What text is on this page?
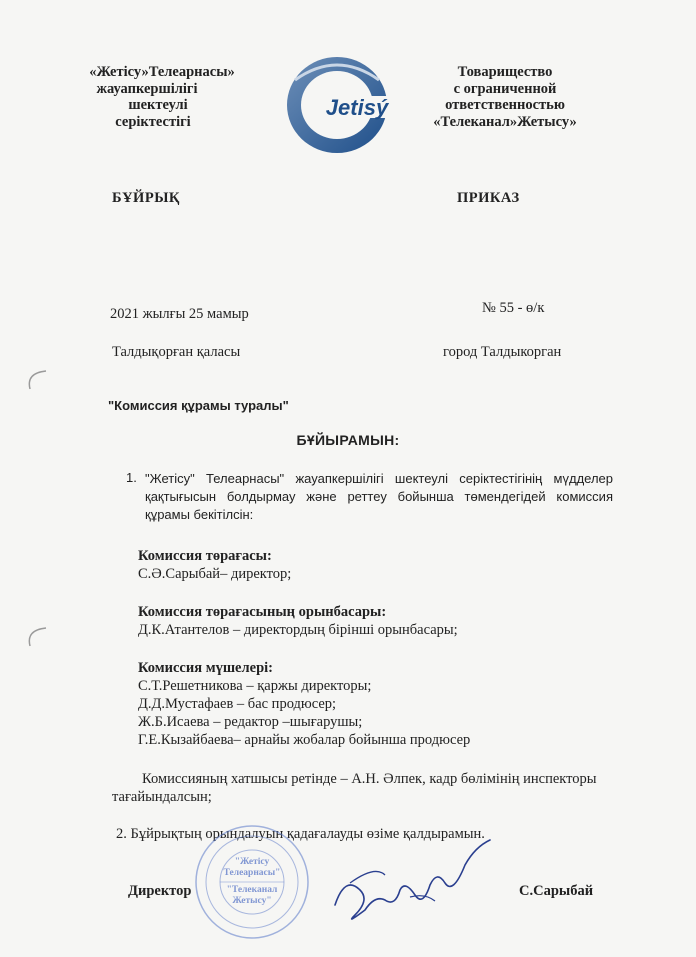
«Жетісу»Телеарнасы»
жауапкершілігі
шектеулі
серіктестігі
Jetisý
Товарищество
с ограниченной
ответственностью
«Телеканал»Жетысу»
БҰЙРЫҚ	ПРИКАЗ
2021 жылғы 25 мамыр	№ 55 - ө/к
Талдықорған қаласы	город Талдыкорган
"Комиссия құрамы туралы"
БҰЙЫРАМЫН:
1. "Жетісу" Телеарнасы" жауапкершілігі шектеулі серіктестігінің мүдделер қақтығысын болдырмау және реттеу бойынша төмендегідей комиссия құрамы бекітілсін:
Комиссия төрағасы:
С.Ә.Сарыбай– директор;
Комиссия төрағасының орынбасары:
Д.К.Атантелов – директордың бірінші орынбасары;
Комиссия мүшелері:
С.Т.Решетникова – қаржы директоры;
Д.Д.Мустафаев – бас продюсер;
Ж.Б.Исаева – редактор –шығарушы;
Г.Е.Кызайбаева– арнайы жобалар бойынша продюсер
Комиссияның хатшысы ретінде – А.Н. Әлпек, кадр бөлімінің инспекторы тағайындалсын;
2. Бұйрықтың орындалуын қадағалауды өзіме қалдырамын.
"Жетісу
Телеарнасы"
"Телеканал
Жетысу"
Директор	С.Сарыбай
